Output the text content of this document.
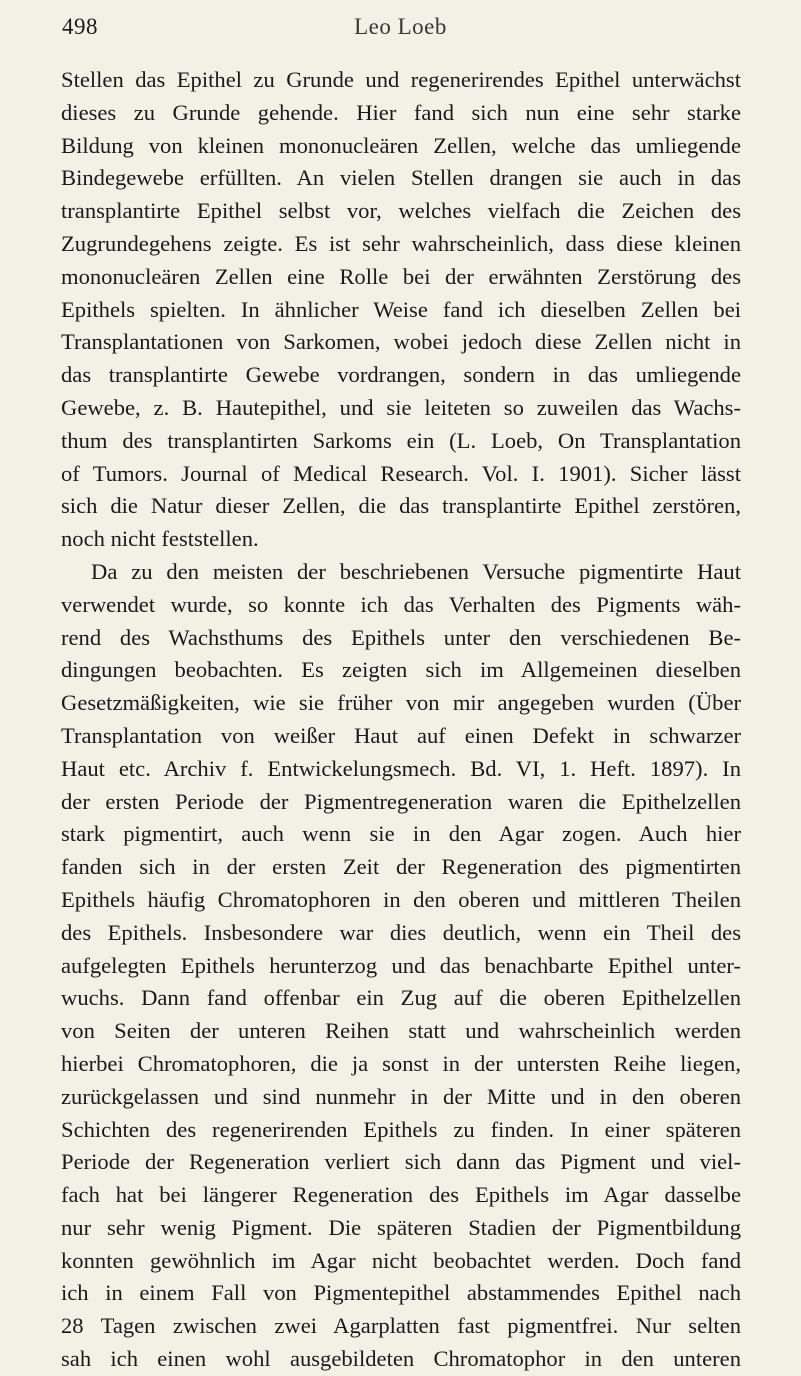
498	Leo Loeb
Stellen das Epithel zu Grunde und regenerirendes Epithel unterwächst
dieses zu Grunde gehende. Hier fand sich nun eine sehr starke
Bildung von kleinen mononucleären Zellen, welche das umliegende
Bindegewebe erfüllten. An vielen Stellen drangen sie auch in das
transplantirte Epithel selbst vor, welches vielfach die Zeichen des
Zugrundegehens zeigte. Es ist sehr wahrscheinlich, dass diese kleinen
mononucleären Zellen eine Rolle bei der erwähnten Zerstörung des
Epithels spielten. In ähnlicher Weise fand ich dieselben Zellen bei
Transplantationen von Sarkomen, wobei jedoch diese Zellen nicht in
das transplantirte Gewebe vordrangen, sondern in das umliegende
Gewebe, z. B. Hautepithel, und sie leiteten so zuweilen das Wachs-
thum des transplantirten Sarkoms ein (L. Loeb, On Transplantation
of Tumors. Journal of Medical Research. Vol. I. 1901). Sicher lässt
sich die Natur dieser Zellen, die das transplantirte Epithel zerstören,
noch nicht feststellen.
Da zu den meisten der beschriebenen Versuche pigmentirte Haut
verwendet wurde, so konnte ich das Verhalten des Pigments wäh-
rend des Wachsthums des Epithels unter den verschiedenen Be-
dingungen beobachten. Es zeigten sich im Allgemeinen dieselben
Gesetzmäßigkeiten, wie sie früher von mir angegeben wurden (Über
Transplantation von weißer Haut auf einen Defekt in schwarzer
Haut etc. Archiv f. Entwickelungsmech. Bd. VI, 1. Heft. 1897). In
der ersten Periode der Pigmentregeneration waren die Epithelzellen
stark pigmentirt, auch wenn sie in den Agar zogen. Auch hier
fanden sich in der ersten Zeit der Regeneration des pigmentirten
Epithels häufig Chromatophoren in den oberen und mittleren Theilen
des Epithels. Insbesondere war dies deutlich, wenn ein Theil des
aufgelegten Epithels herunterzog und das benachbarte Epithel unter-
wuchs. Dann fand offenbar ein Zug auf die oberen Epithelzellen
von Seiten der unteren Reihen statt und wahrscheinlich werden
hierbei Chromatophoren, die ja sonst in der untersten Reihe liegen,
zurückgelassen und sind nunmehr in der Mitte und in den oberen
Schichten des regenerirenden Epithels zu finden. In einer späteren
Periode der Regeneration verliert sich dann das Pigment und viel-
fach hat bei längerer Regeneration des Epithels im Agar dasselbe
nur sehr wenig Pigment. Die späteren Stadien der Pigmentbildung
konnten gewöhnlich im Agar nicht beobachtet werden. Doch fand
ich in einem Fall von Pigmentepithel abstammendes Epithel nach
28 Tagen zwischen zwei Agarplatten fast pigmentfrei. Nur selten
sah ich einen wohl ausgebildeten Chromatophor in den unteren
